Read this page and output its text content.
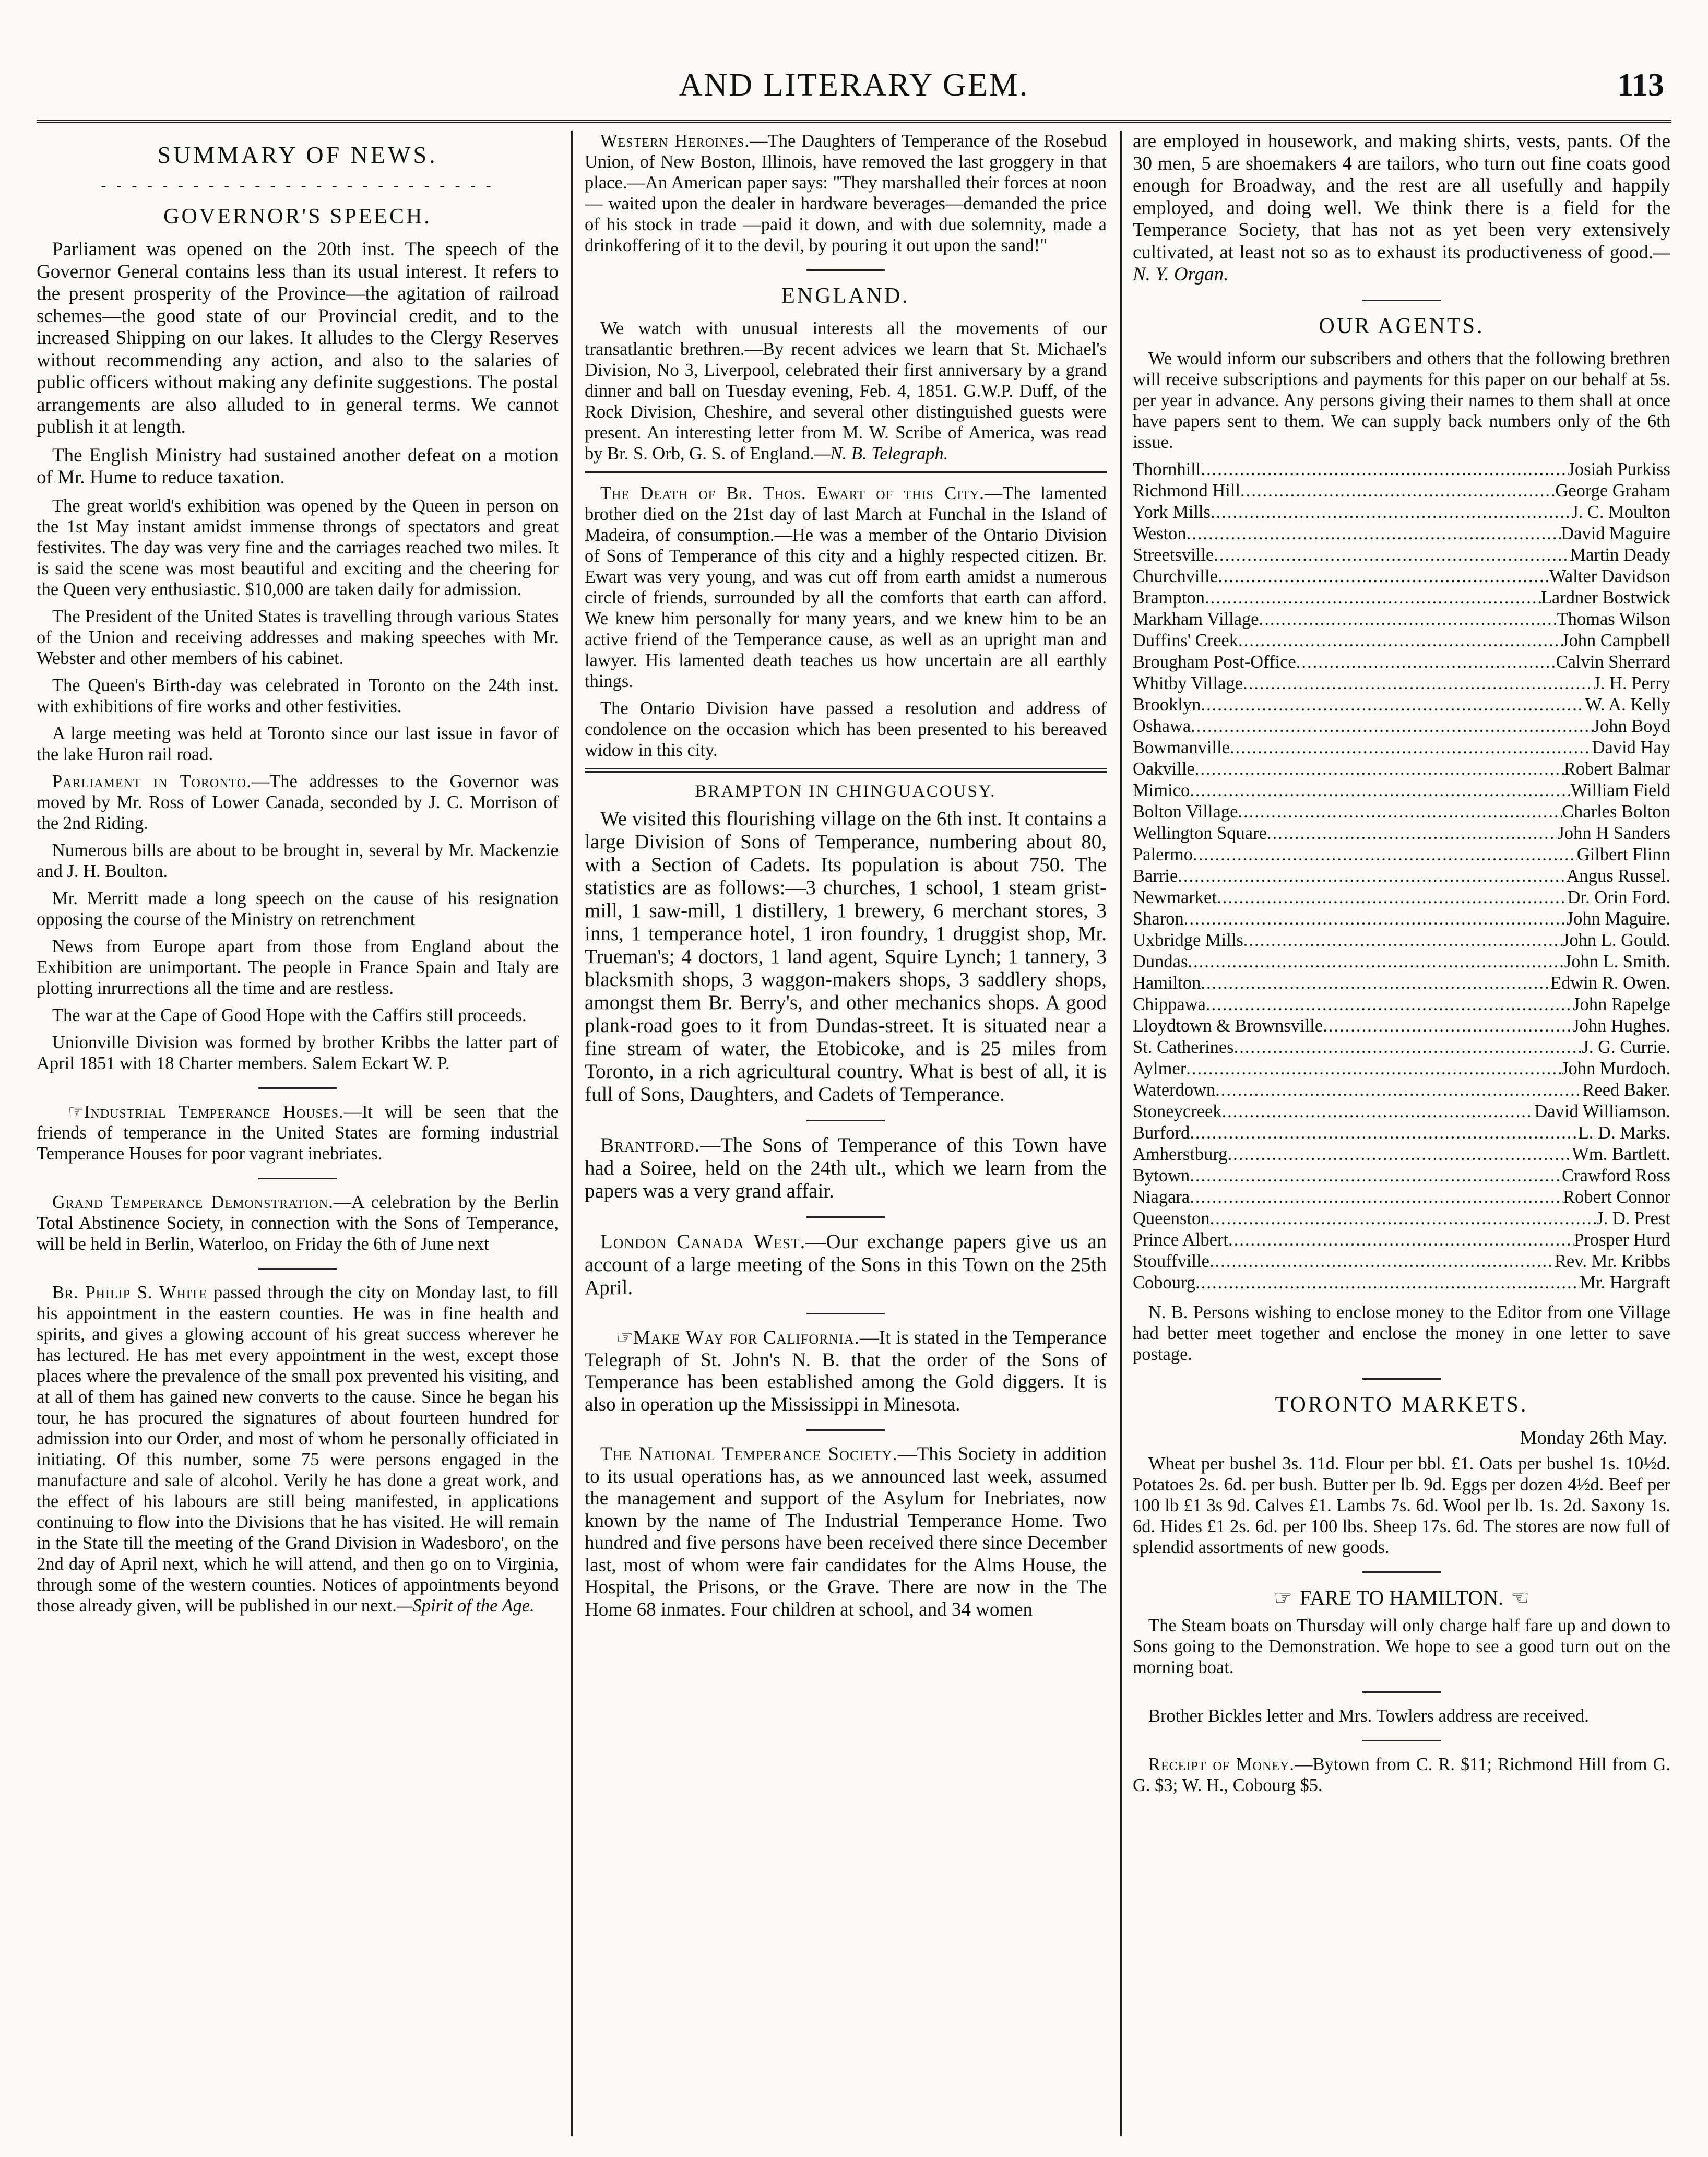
AND LITERARY GEM.	113
SUMMARY OF NEWS.
- - - - - - - - - - - - - - - - - - - - - - - - - -
GOVERNOR'S SPEECH.

Parliament was opened on the 20th inst. The speech of the Governor General contains less than its usual interest. It refers to the present prosperity of the Province—the agitation of railroad schemes—the good state of our Provincial credit, and to the increased Shipping on our lakes. It alludes to the Clergy Reserves without recommending any action, and also to the salaries of public officers without making any definite suggestions. The postal arrangements are also alluded to in general terms. We cannot publish it at length.

The English Ministry had sustained another defeat on a motion of Mr. Hume to reduce taxation.

The great world's exhibition was opened by the Queen in person on the 1st May instant amidst immense throngs of spectators and great festivites. The day was very fine and the carriages reached two miles. It is said the scene was most beautiful and exciting and the cheering for the Queen very enthusiastic. $10,000 are taken daily for admission.

The President of the United States is travelling through various States of the Union and receiving addresses and making speeches with Mr. Webster and other members of his cabinet.

The Queen's Birth-day was celebrated in Toronto on the 24th inst. with exhibitions of fire works and other festivities.

A large meeting was held at Toronto since our last issue in favor of the lake Huron rail road.

Parliament in Toronto.—The addresses to the Governor was moved by Mr. Ross of Lower Canada, seconded by J. C. Morrison of the 2nd Riding.

Numerous bills are about to be brought in, several by Mr. Mackenzie and J. H. Boulton.

Mr. Merritt made a long speech on the cause of his resignation opposing the course of the Ministry on retrenchment

News from Europe apart from those from England about the Exhibition are unimportant. The people in France Spain and Italy are plotting inrurrections all the time and are restless.

The war at the Cape of Good Hope with the Caffirs still proceeds.

Unionville Division was formed by brother Kribbs the latter part of April 1851 with 18 Charter members. Salem Eckart W. P.

☞Industrial Temperance Houses.—It will be seen that the friends of temperance in the United States are forming industrial Temperance Houses for poor vagrant inebriates.

Grand Temperance Demonstration.—A celebration by the Berlin Total Abstinence Society, in connection with the Sons of Temperance, will be held in Berlin, Waterloo, on Friday the 6th of June next

Br. Philip S. White passed through the city on Monday last, to fill his appointment in the eastern counties. He was in fine health and spirits, and gives a glowing account of his great success wherever he has lectured. He has met every appointment in the west, except those places where the prevalence of the small pox prevented his visiting, and at all of them has gained new converts to the cause. Since he began his tour, he has procured the signatures of about fourteen hundred for admission into our Order, and most of whom he personally officiated in initiating. Of this number, some 75 were persons engaged in the manufacture and sale of alcohol. Verily he has done a great work, and the effect of his labours are still being manifested, in applications continuing to flow into the Divisions that he has visited. He will remain in the State till the meeting of the Grand Division in Wadesboro', on the 2nd day of April next, which he will attend, and then go on to Virginia, through some of the western counties. Notices of appointments beyond those already given, will be published in our next.—Spirit of the Age.

Western Heroines.—The Daughters of Temperance of the Rosebud Union, of New Boston, Illinois, have removed the last groggery in that place.—An American paper says: "They marshalled their forces at noon — waited upon the dealer in hardware beverages—demanded the price of his stock in trade —paid it down, and with due solemnity, made a drinkoffering of it to the devil, by pouring it out upon the sand!"

ENGLAND.

We watch with unusual interests all the movements of our transatlantic brethren.—By recent advices we learn that St. Michael's Division, No 3, Liverpool, celebrated their first anniversary by a grand dinner and ball on Tuesday evening, Feb. 4, 1851. G.W.P. Duff, of the Rock Division, Cheshire, and several other distinguished guests were present. An interesting letter from M. W. Scribe of America, was read by Br. S. Orb, G. S. of England.—N. B. Telegraph.

The Death of Br. Thos. Ewart of this City.—The lamented brother died on the 21st day of last March at Funchal in the Island of Madeira, of consumption.—He was a member of the Ontario Division of Sons of Temperance of this city and a highly respected citizen. Br. Ewart was very young, and was cut off from earth amidst a numerous circle of friends, surrounded by all the comforts that earth can afford. We knew him personally for many years, and we knew him to be an active friend of the Temperance cause, as well as an upright man and lawyer. His lamented death teaches us how uncertain are all earthly things.

The Ontario Division have passed a resolution and address of condolence on the occasion which has been presented to his bereaved widow in this city.

BRAMPTON IN CHINGUACOUSY.

We visited this flourishing village on the 6th inst. It contains a large Division of Sons of Temperance, numbering about 80, with a Section of Cadets. Its population is about 750. The statistics are as follows:—3 churches, 1 school, 1 steam grist-mill, 1 saw-mill, 1 distillery, 1 brewery, 6 merchant stores, 3 inns, 1 temperance hotel, 1 iron foundry, 1 druggist shop, Mr. Trueman's; 4 doctors, 1 land agent, Squire Lynch; 1 tannery, 3 blacksmith shops, 3 waggon-makers shops, 3 saddlery shops, amongst them Br. Berry's, and other mechanics shops. A good plank-road goes to it from Dundas-street. It is situated near a fine stream of water, the Etobicoke, and is 25 miles from Toronto, in a rich agricultural country. What is best of all, it is full of Sons, Daughters, and Cadets of Temperance.

Brantford.—The Sons of Temperance of this Town have had a Soiree, held on the 24th ult., which we learn from the papers was a very grand affair.

London Canada West.—Our exchange papers give us an account of a large meeting of the Sons in this Town on the 25th April.

☞Make Way for California.—It is stated in the Temperance Telegraph of St. John's N. B. that the order of the Sons of Temperance has been established among the Gold diggers. It is also in operation up the Mississippi in Minesota.

The National Temperance Society.—This Society in addition to its usual operations has, as we announced last week, assumed the management and support of the Asylum for Inebriates, now known by the name of The Industrial Temperance Home. Two hundred and five persons have been received there since December last, most of whom were fair candidates for the Alms House, the Hospital, the Prisons, or the Grave. There are now in the The Home 68 inmates. Four children at school, and 34 women

are employed in housework, and making shirts, vests, pants. Of the 30 men, 5 are shoemakers 4 are tailors, who turn out fine coats good enough for Broadway, and the rest are all usefully and happily employed, and doing well. We think there is a field for the Temperance Society, that has not as yet been very extensively cultivated, at least not so as to exhaust its productiveness of good.—N. Y. Organ.

OUR AGENTS.

We would inform our subscribers and others that the following brethren will receive subscriptions and payments for this paper on our behalf at 5s. per year in advance. Any persons giving their names to them shall at once have papers sent to them. We can supply back numbers only of the 6th issue.

Thornhill .....	Josiah Purkiss
Richmond Hill .....	George Graham
York Mills .....	J. C. Moulton
Weston .....	David Maguire
Streetsville .....	Martin Deady
Churchville .....	Walter Davidson
Brampton .....	Lardner Bostwick
Markham Village .....	Thomas Wilson
Duffins' Creek .....	John Campbell
Brougham Post-Office .....	Calvin Sherrard
Whitby Village .....	J. H. Perry
Brooklyn .....	W. A. Kelly
Oshawa .....	John Boyd
Bowmanville .....	David Hay
Oakville .....	Robert Balmar
Mimico .....	William Field
Bolton Village .....	Charles Bolton
Wellington Square .....	John H Sanders
Palermo .....	Gilbert Flinn
Barrie .....	Angus Russel.
Newmarket .....	Dr. Orin Ford.
Sharon .....	John Maguire.
Uxbridge Mills .....	John L. Gould.
Dundas .....	John L. Smith.
Hamilton .....	Edwin R. Owen.
Chippawa .....	John Rapelge
Lloydtown & Brownsville .....	John Hughes.
St. Catherines .....	J. G. Currie.
Aylmer .....	John Murdoch.
Waterdown .....	Reed Baker.
Stoneycreek .....	David Williamson.
Burford .....	L. D. Marks.
Amherstburg .....	Wm. Bartlett.
Bytown .....	Crawford Ross
Niagara .....	Robert Connor
Queenston .....	J. D. Prest
Prince Albert .....	Prosper Hurd
Stouffville .....	Rev. Mr. Kribbs
Cobourg .....	Mr. Hargraft

N. B. Persons wishing to enclose money to the Editor from one Village had better meet together and enclose the money in one letter to save postage.

TORONTO MARKETS.
Monday 26th May.

Wheat per bushel 3s. 11d. Flour per bbl. £1. Oats per bushel 1s. 10½d. Potatoes 2s. 6d. per bush. Butter per lb. 9d. Eggs per dozen 4½d. Beef per 100 lb £1 3s 9d. Calves £1. Lambs 7s. 6d. Wool per lb. 1s. 2d. Saxony 1s. 6d. Hides £1 2s. 6d. per 100 lbs. Sheep 17s. 6d. The stores are now full of splendid assortments of new goods.

☞ FARE TO HAMILTON. ☜

The Steam boats on Thursday will only charge half fare up and down to Sons going to the Demonstration. We hope to see a good turn out on the morning boat.

Brother Bickles letter and Mrs. Towlers address are received.

Receipt of Money.—Bytown from C. R. $11; Richmond Hill from G. G. $3; W. H., Cobourg $5.
